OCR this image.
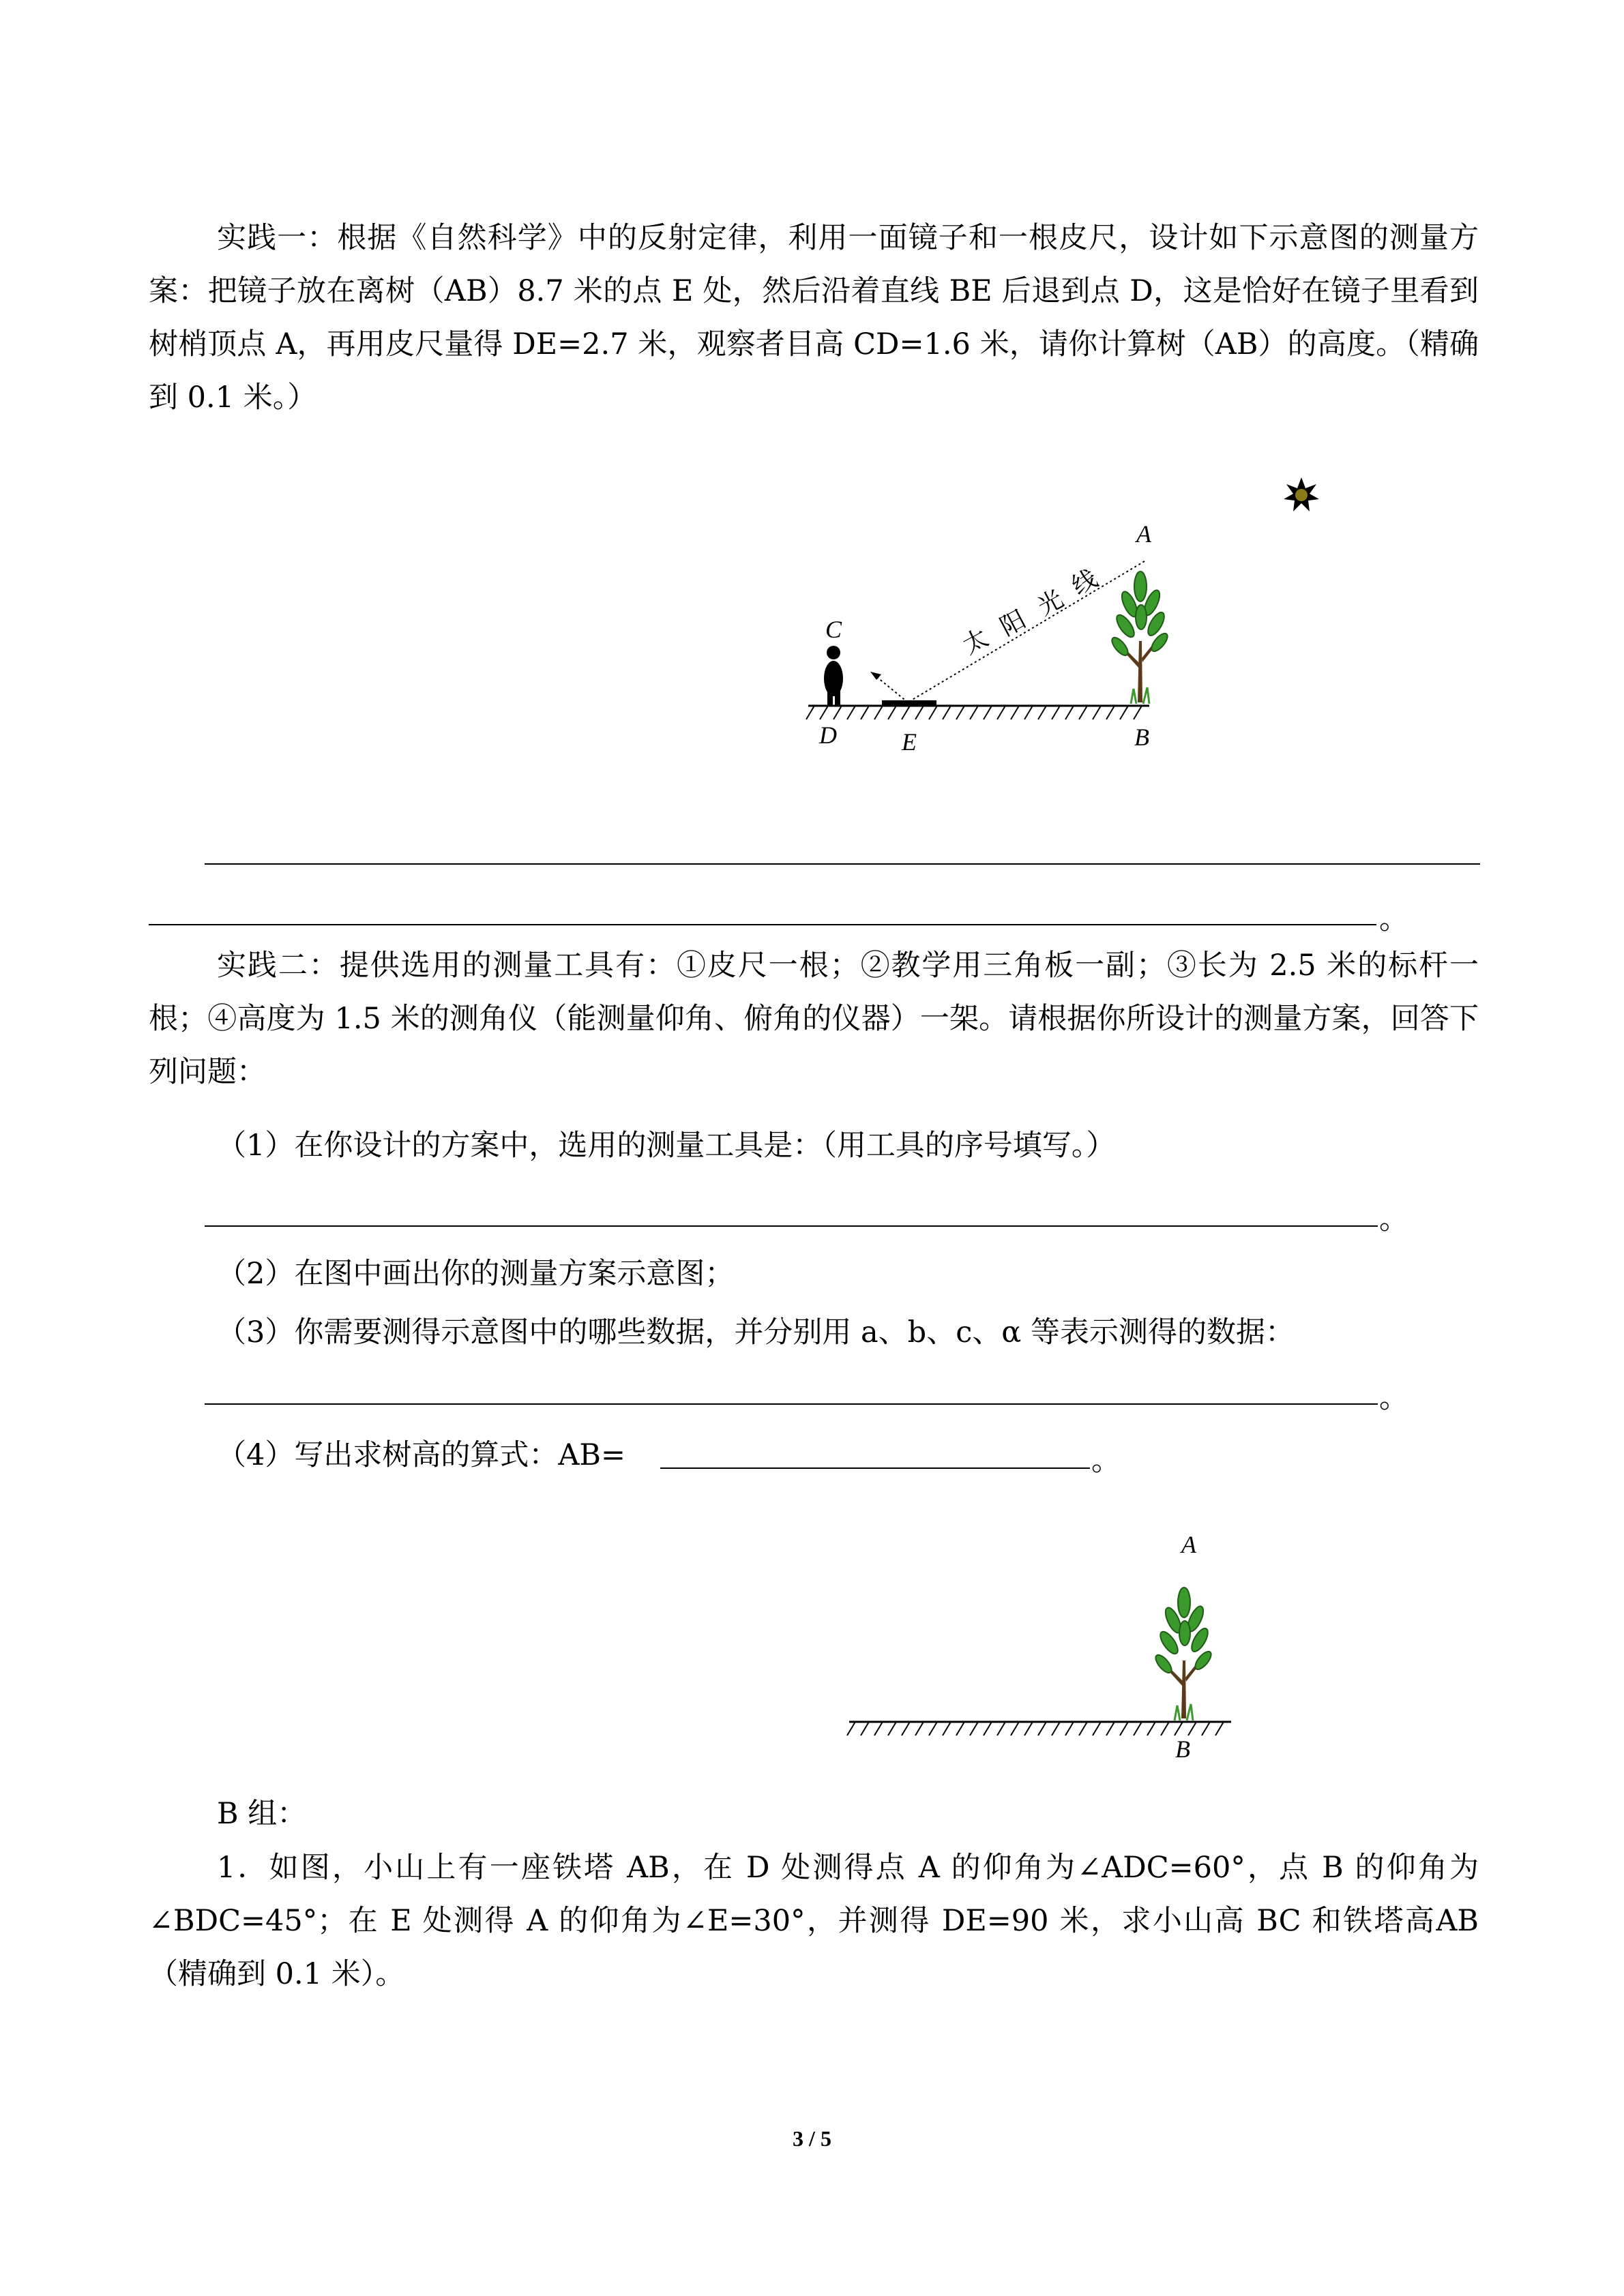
实践一：根据《自然科学》中的反射定律，利用一面镜子和一根皮尺，设计如下示意图的测量方案：把镜子放在离树（AB）8.7 米的点 E 处，然后沿着直线 BE 后退到点 D，这是恰好在镜子里看到树梢顶点 A，再用皮尺量得 DE=2.7 米，观察者目高 CD=1.6 米，请你计算树（AB）的高度。（精确到 0.1 米。）

A
B
C
D	E
太
阳
光
线
。

实践二：提供选用的测量工具有：①皮尺一根；②教学用三角板一副；③长为 2.5 米的标杆一根；④高度为 1.5 米的测角仪（能测量仰角、俯角的仪器）一架。请根据你所设计的测量方案，回答下列问题：

（1）在你设计的方案中，选用的测量工具是：（用工具的序号填写。）
。
（2）在图中画出你的测量方案示意图；
（3）你需要测得示意图中的哪些数据，并分别用 a、b、c、α 等表示测得的数据：
。
（4）写出求树高的算式：AB=	。
A
B
B 组：

1．如图，小山上有一座铁塔 AB，在 D 处测得点 A 的仰角为∠ADC=60°，点 B 的仰角为∠BDC=45°；在 E 处测得 A 的仰角为∠E=30°，并测得 DE=90 米，求小山高 BC 和铁塔高AB（精确到 0.1 米）。

3 / 5
